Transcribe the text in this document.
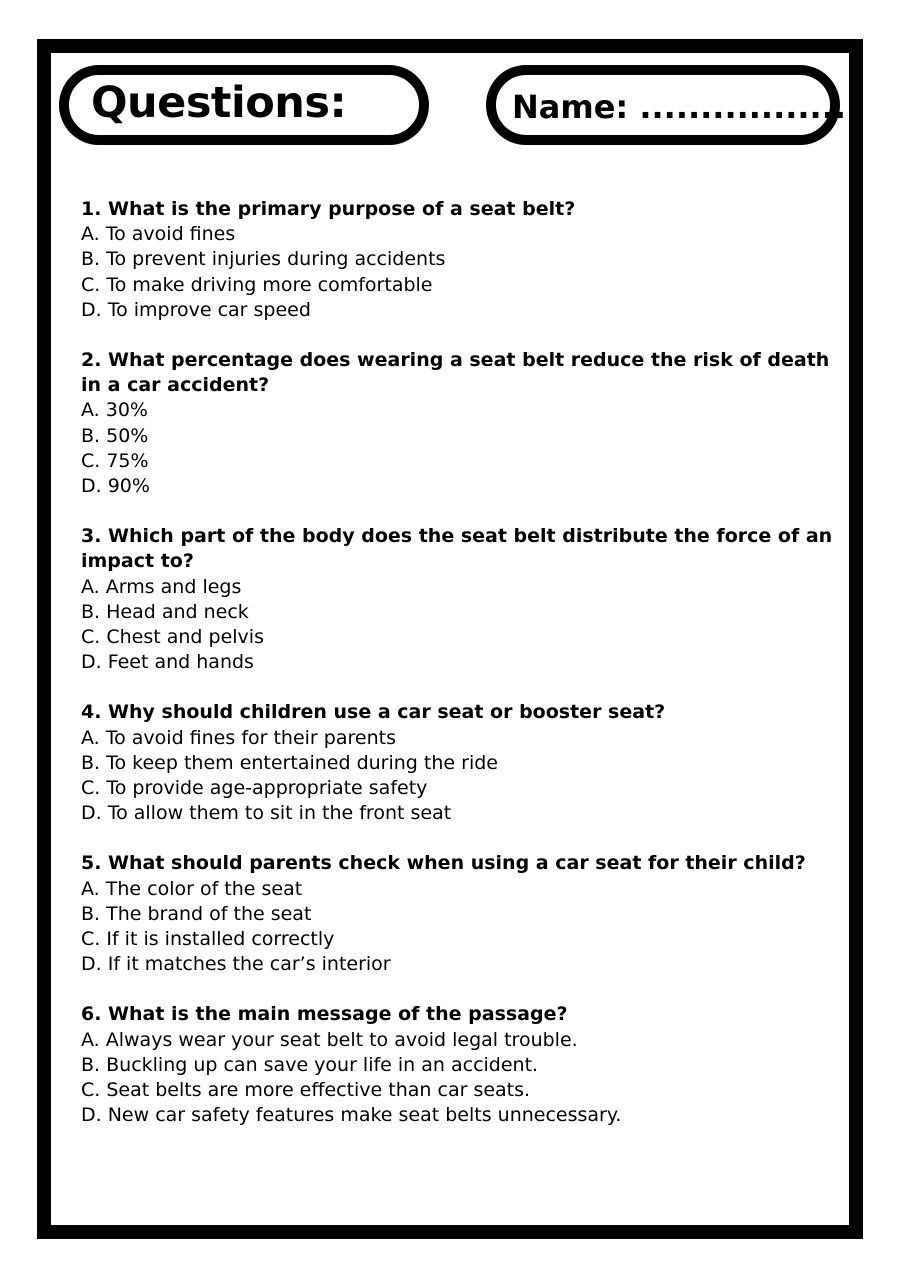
Questions:	Name: .................

1. What is the primary purpose of a seat belt?

A. To avoid fines

B. To prevent injuries during accidents

C. To make driving more comfortable

D. To improve car speed

2. What percentage does wearing a seat belt reduce the risk of death in a car accident?

A. 30%

B. 50%

C. 75%

D. 90%

3. Which part of the body does the seat belt distribute the force of an impact to?

A. Arms and legs

B. Head and neck

C. Chest and pelvis

D. Feet and hands

4. Why should children use a car seat or booster seat?

A. To avoid fines for their parents

B. To keep them entertained during the ride

C. To provide age-appropriate safety

D. To allow them to sit in the front seat

5. What should parents check when using a car seat for their child?

A. The color of the seat

B. The brand of the seat

C. If it is installed correctly

D. If it matches the car’s interior

6. What is the main message of the passage?

A. Always wear your seat belt to avoid legal trouble.

B. Buckling up can save your life in an accident.

C. Seat belts are more effective than car seats.

D. New car safety features make seat belts unnecessary.
